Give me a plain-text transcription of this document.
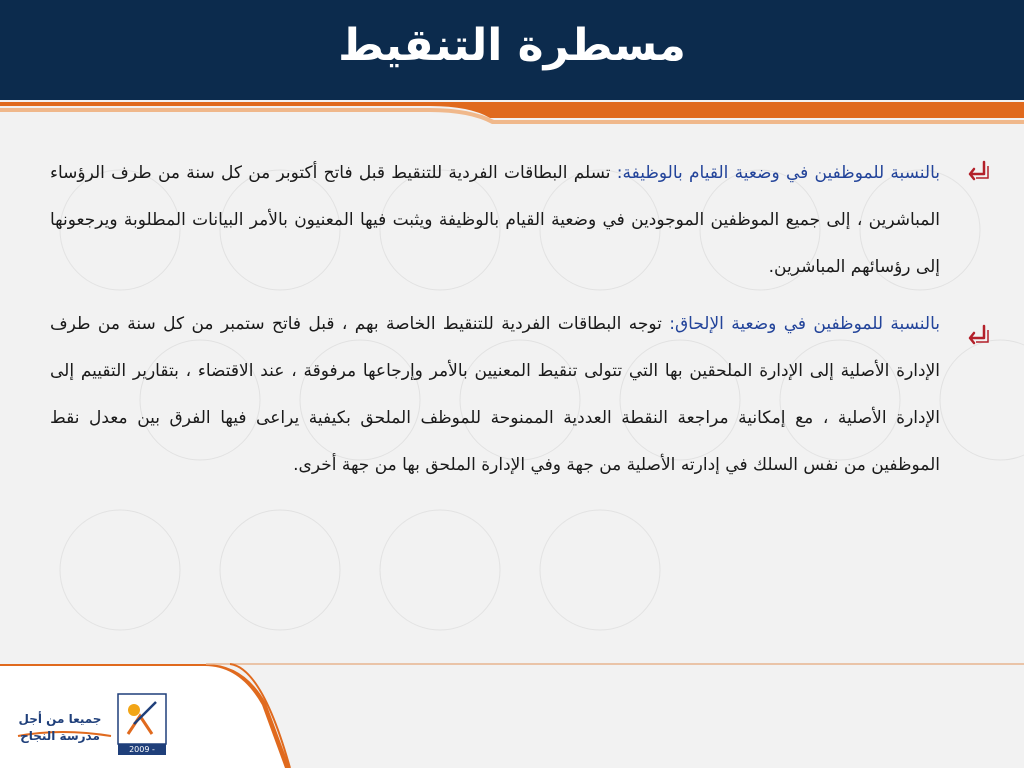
مسطرة التنقيط

بالنسبة للموظفين في وضعية القيام بالوظيفة: تسلم البطاقات الفردية للتنقيط قبل فاتح أكتوبر من كل سنة من طرف الرؤساء المباشرين ، إلى جميع الموظفين الموجودين في وضعية القيام بالوظيفة ويثبت فيها المعنيون بالأمر البيانات المطلوبة ويرجعونها إلى رؤسائهم المباشرين.

بالنسبة للموظفين في وضعية الإلحاق: توجه البطاقات الفردية للتنقيط الخاصة بهم ، قبل فاتح ستمبر من كل سنة من طرف الإدارة الأصلية إلى الإدارة الملحقين بها التي تتولى تنقيط المعنيين بالأمر وإرجاعها مرفوقة ، عند الاقتضاء ، بتقارير التقييم إلى الإدارة الأصلية ، مع إمكانية مراجعة النقطة العددية الممنوحة للموظف الملحق بكيفية يراعى فيها الفرق بين معدل نقط الموظفين من نفس السلك في إدارته الأصلية من جهة وفي الإدارة الملحق بها من جهة أخرى.

جميعا من أجل
مدرسة النجاح
2009 - 2012
